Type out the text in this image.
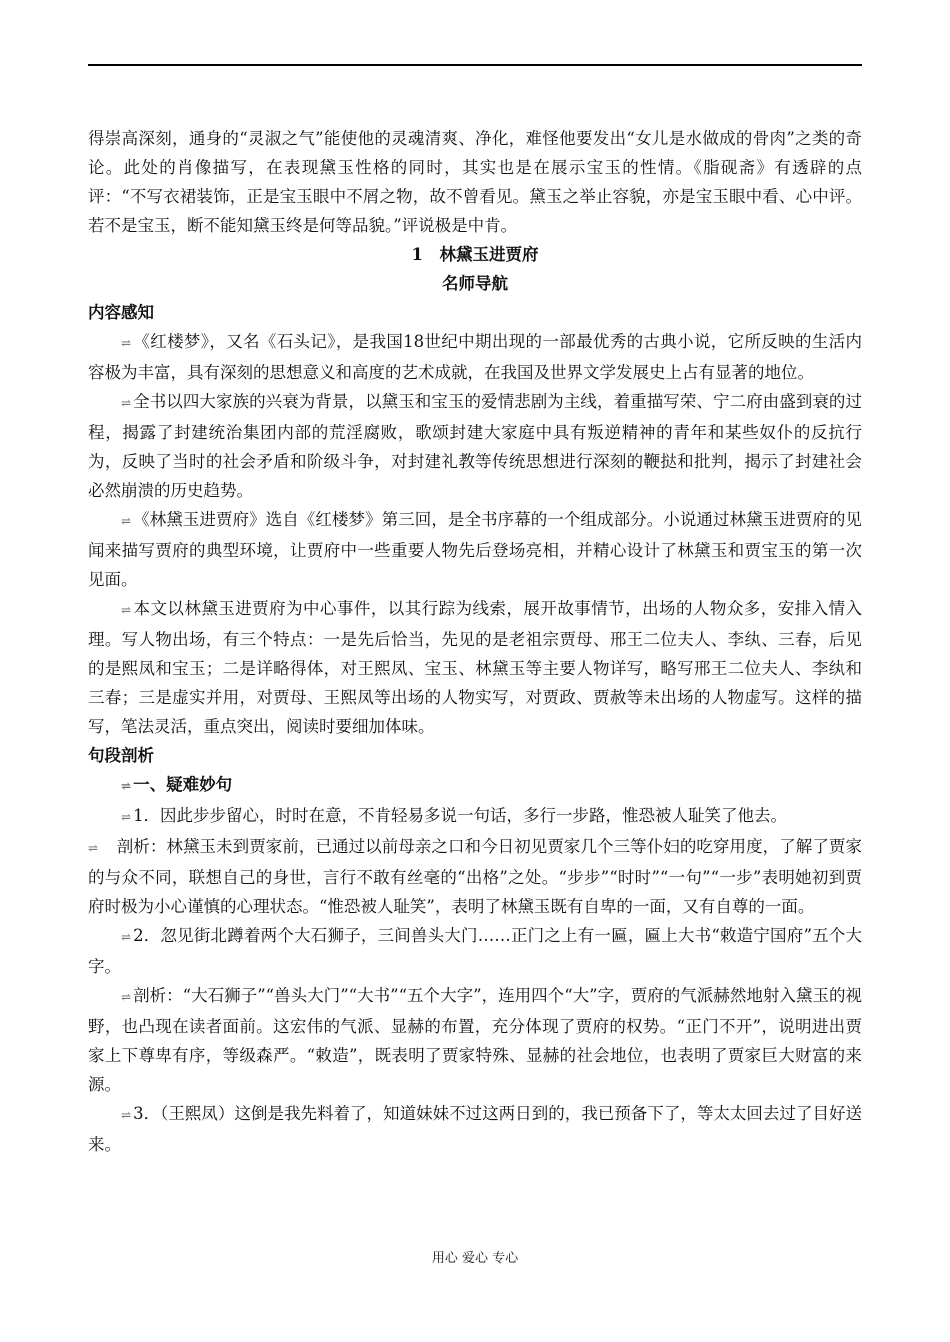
得崇高深刻，通身的“灵淑之气”能使他的灵魂清爽、净化，难怪他要发出“女儿是水做成的骨肉”之类的奇论。此处的肖像描写，在表现黛玉性格的同时，其实也是在展示宝玉的性情。《脂砚斋》有透辟的点评：“不写衣裙装饰，正是宝玉眼中不屑之物，故不曾看见。黛玉之举止容貌，亦是宝玉眼中看、心中评。若不是宝玉，断不能知黛玉终是何等品貌。”评说极是中肯。

1　林黛玉进贾府

名师导航

内容感知

⇌ 《红楼梦》，又名《石头记》，是我国18世纪中期出现的一部最优秀的古典小说，它所反映的生活内容极为丰富，具有深刻的思想意义和高度的艺术成就，在我国及世界文学发展史上占有显著的地位。

⇌ 全书以四大家族的兴衰为背景，以黛玉和宝玉的爱情悲剧为主线，着重描写荣、宁二府由盛到衰的过程，揭露了封建统治集团内部的荒淫腐败，歌颂封建大家庭中具有叛逆精神的青年和某些奴仆的反抗行为，反映了当时的社会矛盾和阶级斗争，对封建礼教等传统思想进行深刻的鞭挞和批判，揭示了封建社会必然崩溃的历史趋势。

⇌ 《林黛玉进贾府》选自《红楼梦》第三回，是全书序幕的一个组成部分。小说通过林黛玉进贾府的见闻来描写贾府的典型环境，让贾府中一些重要人物先后登场亮相，并精心设计了林黛玉和贾宝玉的第一次见面。

⇌ 本文以林黛玉进贾府为中心事件，以其行踪为线索，展开故事情节，出场的人物众多，安排入情入理。写人物出场，有三个特点：一是先后恰当，先见的是老祖宗贾母、邢王二位夫人、李纨、三春，后见的是熙凤和宝玉；二是详略得体，对王熙凤、宝玉、林黛玉等主要人物详写，略写邢王二位夫人、李纨和三春；三是虚实并用，对贾母、王熙凤等出场的人物实写，对贾政、贾赦等未出场的人物虚写。这样的描写，笔法灵活，重点突出，阅读时要细加体味。

句段剖析

⇌ 一、疑难妙句

⇌ 1．因此步步留心，时时在意，不肯轻易多说一句话，多行一步路，惟恐被人耻笑了他去。

⇌　剖析：林黛玉未到贾家前，已通过以前母亲之口和今日初见贾家几个三等仆妇的吃穿用度，了解了贾家的与众不同，联想自己的身世，言行不敢有丝毫的“出格”之处。“步步”“时时”“一句”“一步”表明她初到贾府时极为小心谨慎的心理状态。“惟恐被人耻笑”，表明了林黛玉既有自卑的一面，又有自尊的一面。

⇌ 2．忽见街北蹲着两个大石狮子，三间兽头大门……正门之上有一匾，匾上大书“敕造宁国府”五个大字。

⇌ 剖析：“大石狮子”“兽头大门”“大书”“五个大字”，连用四个“大”字，贾府的气派赫然地射入黛玉的视野，也凸现在读者面前。这宏伟的气派、显赫的布置，充分体现了贾府的权势。“正门不开”，说明进出贾家上下尊卑有序，等级森严。“敕造”，既表明了贾家特殊、显赫的社会地位，也表明了贾家巨大财富的来源。

⇌ 3．（王熙凤）这倒是我先料着了，知道妹妹不过这两日到的，我已预备下了，等太太回去过了目好送来。

用心 爱心 专心
